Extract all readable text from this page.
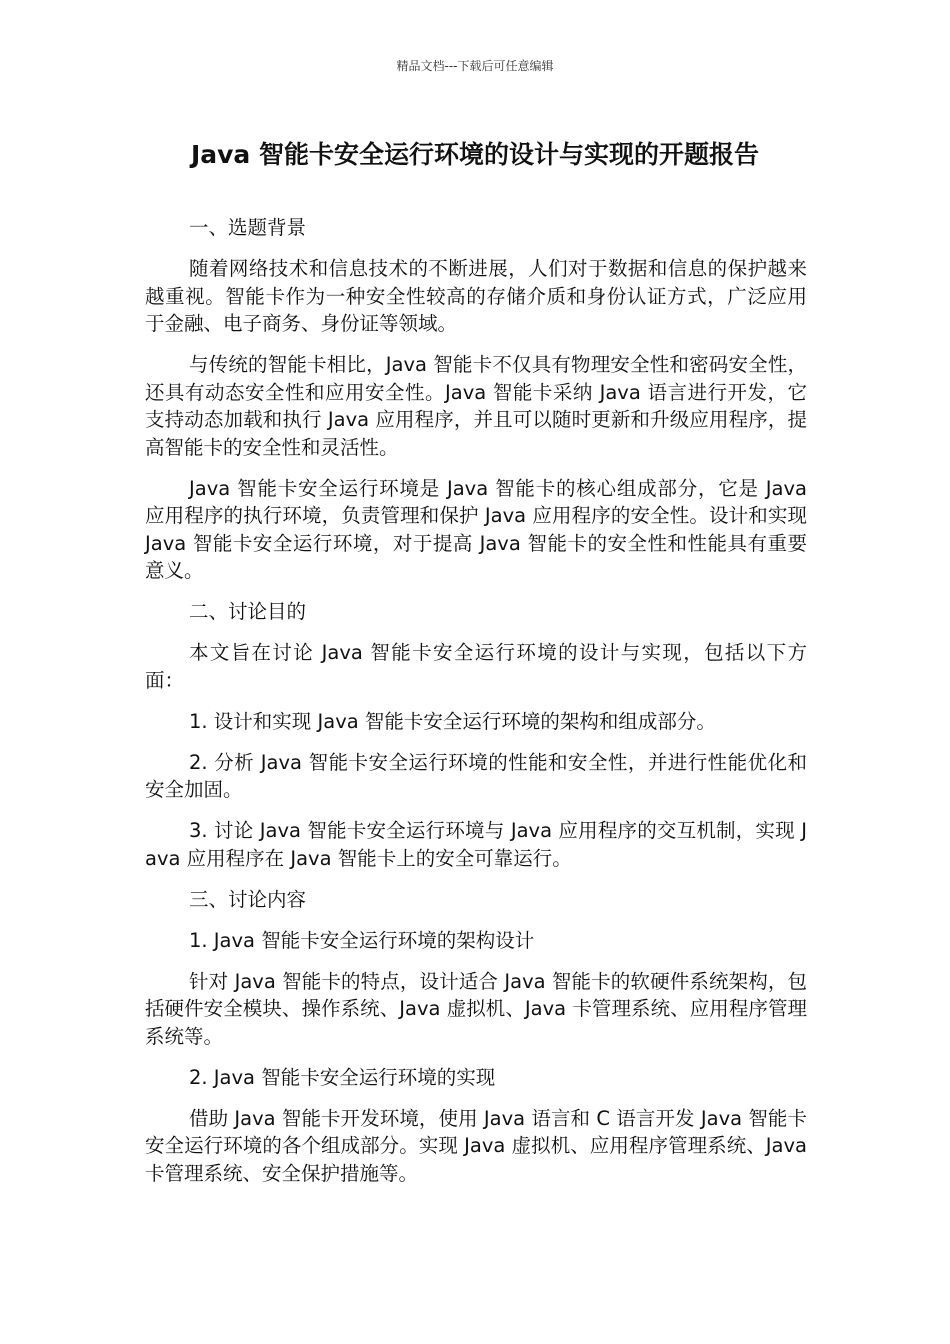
精品文档---下载后可任意编辑
Java 智能卡安全运行环境的设计与实现的开题报告

一、选题背景

随着网络技术和信息技术的不断进展，人们对于数据和信息的保护越来越重视。智能卡作为一种安全性较高的存储介质和身份认证方式，广泛应用于金融、电子商务、身份证等领域。

与传统的智能卡相比，Java 智能卡不仅具有物理安全性和密码安全性，还具有动态安全性和应用安全性。Java 智能卡采纳 Java 语言进行开发，它支持动态加载和执行 Java 应用程序，并且可以随时更新和升级应用程序，提高智能卡的安全性和灵活性。

Java 智能卡安全运行环境是 Java 智能卡的核心组成部分，它是 Java 应用程序的执行环境，负责管理和保护 Java 应用程序的安全性。设计和实现 Java 智能卡安全运行环境，对于提高 Java 智能卡的安全性和性能具有重要意义。

二、讨论目的

本文旨在讨论 Java 智能卡安全运行环境的设计与实现，包括以下方面：

1. 设计和实现 Java 智能卡安全运行环境的架构和组成部分。

2. 分析 Java 智能卡安全运行环境的性能和安全性，并进行性能优化和安全加固。

3. 讨论 Java 智能卡安全运行环境与 Java 应用程序的交互机制，实现 Java 应用程序在 Java 智能卡上的安全可靠运行。

三、讨论内容

1. Java 智能卡安全运行环境的架构设计

针对 Java 智能卡的特点，设计适合 Java 智能卡的软硬件系统架构，包括硬件安全模块、操作系统、Java 虚拟机、Java 卡管理系统、应用程序管理系统等。

2. Java 智能卡安全运行环境的实现

借助 Java 智能卡开发环境，使用 Java 语言和 C 语言开发 Java 智能卡安全运行环境的各个组成部分。实现 Java 虚拟机、应用程序管理系统、Java 卡管理系统、安全保护措施等。
